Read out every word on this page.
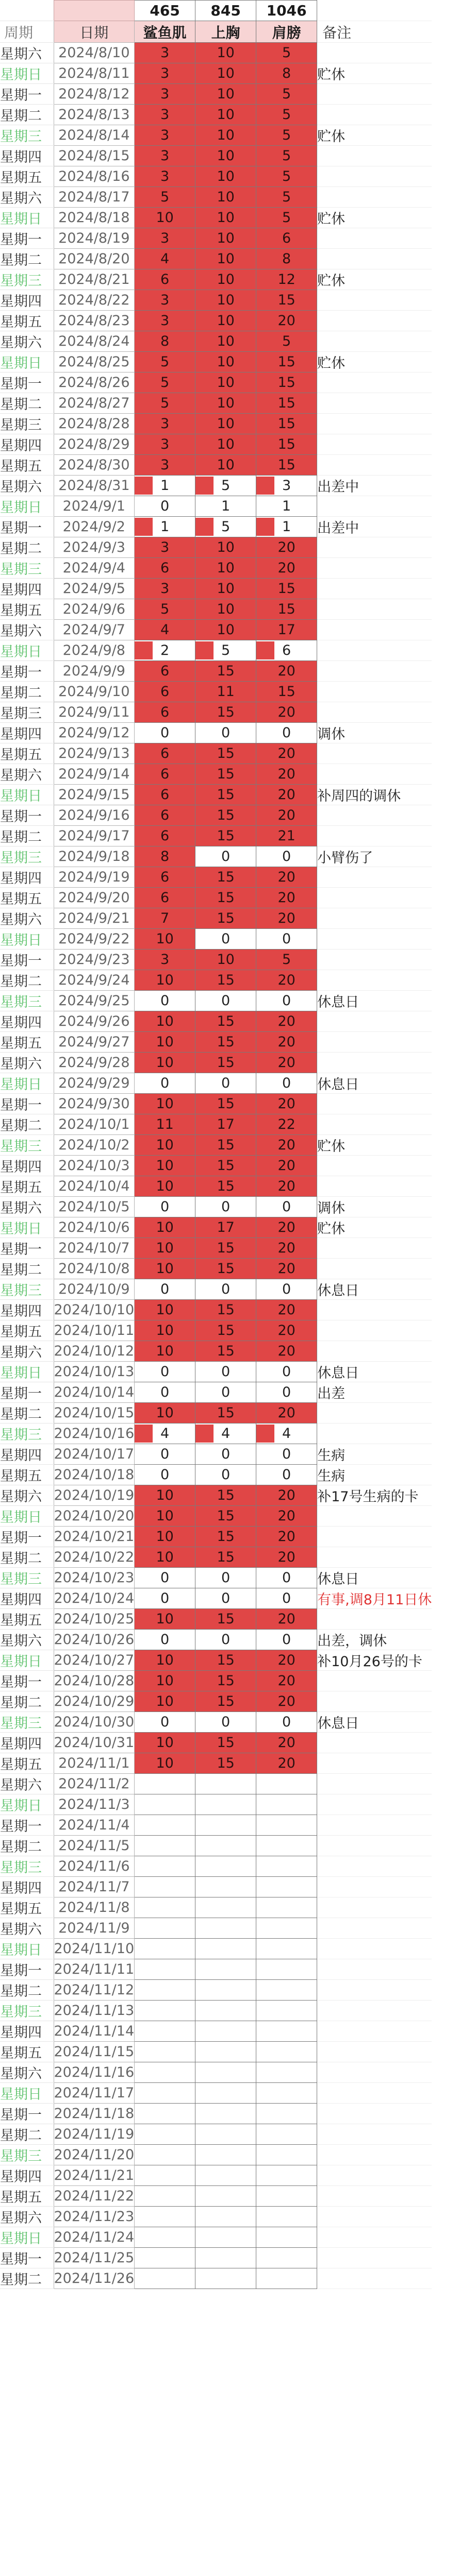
		465	845	1046	
周期	日期	鲨鱼肌	上胸	肩膀	备注
星期六	2024/8/10	3	10	5	
星期日	2024/8/11	3	10	8	贮休
星期一	2024/8/12	3	10	5	
星期二	2024/8/13	3	10	5	
星期三	2024/8/14	3	10	5	贮休
星期四	2024/8/15	3	10	5	
星期五	2024/8/16	3	10	5	
星期六	2024/8/17	5	10	5	
星期日	2024/8/18	10	10	5	贮休
星期一	2024/8/19	3	10	6	
星期二	2024/8/20	4	10	8	
星期三	2024/8/21	6	10	12	贮休
星期四	2024/8/22	3	10	15	
星期五	2024/8/23	3	10	20	
星期六	2024/8/24	8	10	5	
星期日	2024/8/25	5	10	15	贮休
星期一	2024/8/26	5	10	15	
星期二	2024/8/27	5	10	15	
星期三	2024/8/28	3	10	15	
星期四	2024/8/29	3	10	15	
星期五	2024/8/30	3	10	15	
星期六	2024/8/31	1	5	3	出差中
星期日	2024/9/1	0	1	1	
星期一	2024/9/2	1	5	1	出差中
星期二	2024/9/3	3	10	20	
星期三	2024/9/4	6	10	20	
星期四	2024/9/5	3	10	15	
星期五	2024/9/6	5	10	15	
星期六	2024/9/7	4	10	17	
星期日	2024/9/8	2	5	6	
星期一	2024/9/9	6	15	20	
星期二	2024/9/10	6	11	15	
星期三	2024/9/11	6	15	20	
星期四	2024/9/12	0	0	0	调休
星期五	2024/9/13	6	15	20	
星期六	2024/9/14	6	15	20	
星期日	2024/9/15	6	15	20	补周四的调休
星期一	2024/9/16	6	15	20	
星期二	2024/9/17	6	15	21	
星期三	2024/9/18	8	0	0	小臂伤了
星期四	2024/9/19	6	15	20	
星期五	2024/9/20	6	15	20	
星期六	2024/9/21	7	15	20	
星期日	2024/9/22	10	0	0	
星期一	2024/9/23	3	10	5	
星期二	2024/9/24	10	15	20	
星期三	2024/9/25	0	0	0	休息日
星期四	2024/9/26	10	15	20	
星期五	2024/9/27	10	15	20	
星期六	2024/9/28	10	15	20	
星期日	2024/9/29	0	0	0	休息日
星期一	2024/9/30	10	15	20	
星期二	2024/10/1	11	17	22	
星期三	2024/10/2	10	15	20	贮休
星期四	2024/10/3	10	15	20	
星期五	2024/10/4	10	15	20	
星期六	2024/10/5	0	0	0	调休
星期日	2024/10/6	10	17	20	贮休
星期一	2024/10/7	10	15	20	
星期二	2024/10/8	10	15	20	
星期三	2024/10/9	0	0	0	休息日
星期四	2024/10/10	10	15	20	
星期五	2024/10/11	10	15	20	
星期六	2024/10/12	10	15	20	
星期日	2024/10/13	0	0	0	休息日
星期一	2024/10/14	0	0	0	出差
星期二	2024/10/15	10	15	20	
星期三	2024/10/16	4	4	4	
星期四	2024/10/17	0	0	0	生病
星期五	2024/10/18	0	0	0	生病
星期六	2024/10/19	10	15	20	补17号生病的卡
星期日	2024/10/20	10	15	20	
星期一	2024/10/21	10	15	20	
星期二	2024/10/22	10	15	20	
星期三	2024/10/23	0	0	0	休息日
星期四	2024/10/24	0	0	0	有事,调8月11日休
星期五	2024/10/25	10	15	20	
星期六	2024/10/26	0	0	0	出差，调休
星期日	2024/10/27	10	15	20	补10月26号的卡
星期一	2024/10/28	10	15	20	
星期二	2024/10/29	10	15	20	
星期三	2024/10/30	0	0	0	休息日
星期四	2024/10/31	10	15	20	
星期五	2024/11/1	10	15	20	
星期六	2024/11/2				
星期日	2024/11/3				
星期一	2024/11/4				
星期二	2024/11/5				
星期三	2024/11/6				
星期四	2024/11/7				
星期五	2024/11/8				
星期六	2024/11/9				
星期日	2024/11/10				
星期一	2024/11/11				
星期二	2024/11/12				
星期三	2024/11/13				
星期四	2024/11/14				
星期五	2024/11/15				
星期六	2024/11/16				
星期日	2024/11/17				
星期一	2024/11/18				
星期二	2024/11/19				
星期三	2024/11/20				
星期四	2024/11/21				
星期五	2024/11/22				
星期六	2024/11/23				
星期日	2024/11/24				
星期一	2024/11/25				
星期二	2024/11/26				
